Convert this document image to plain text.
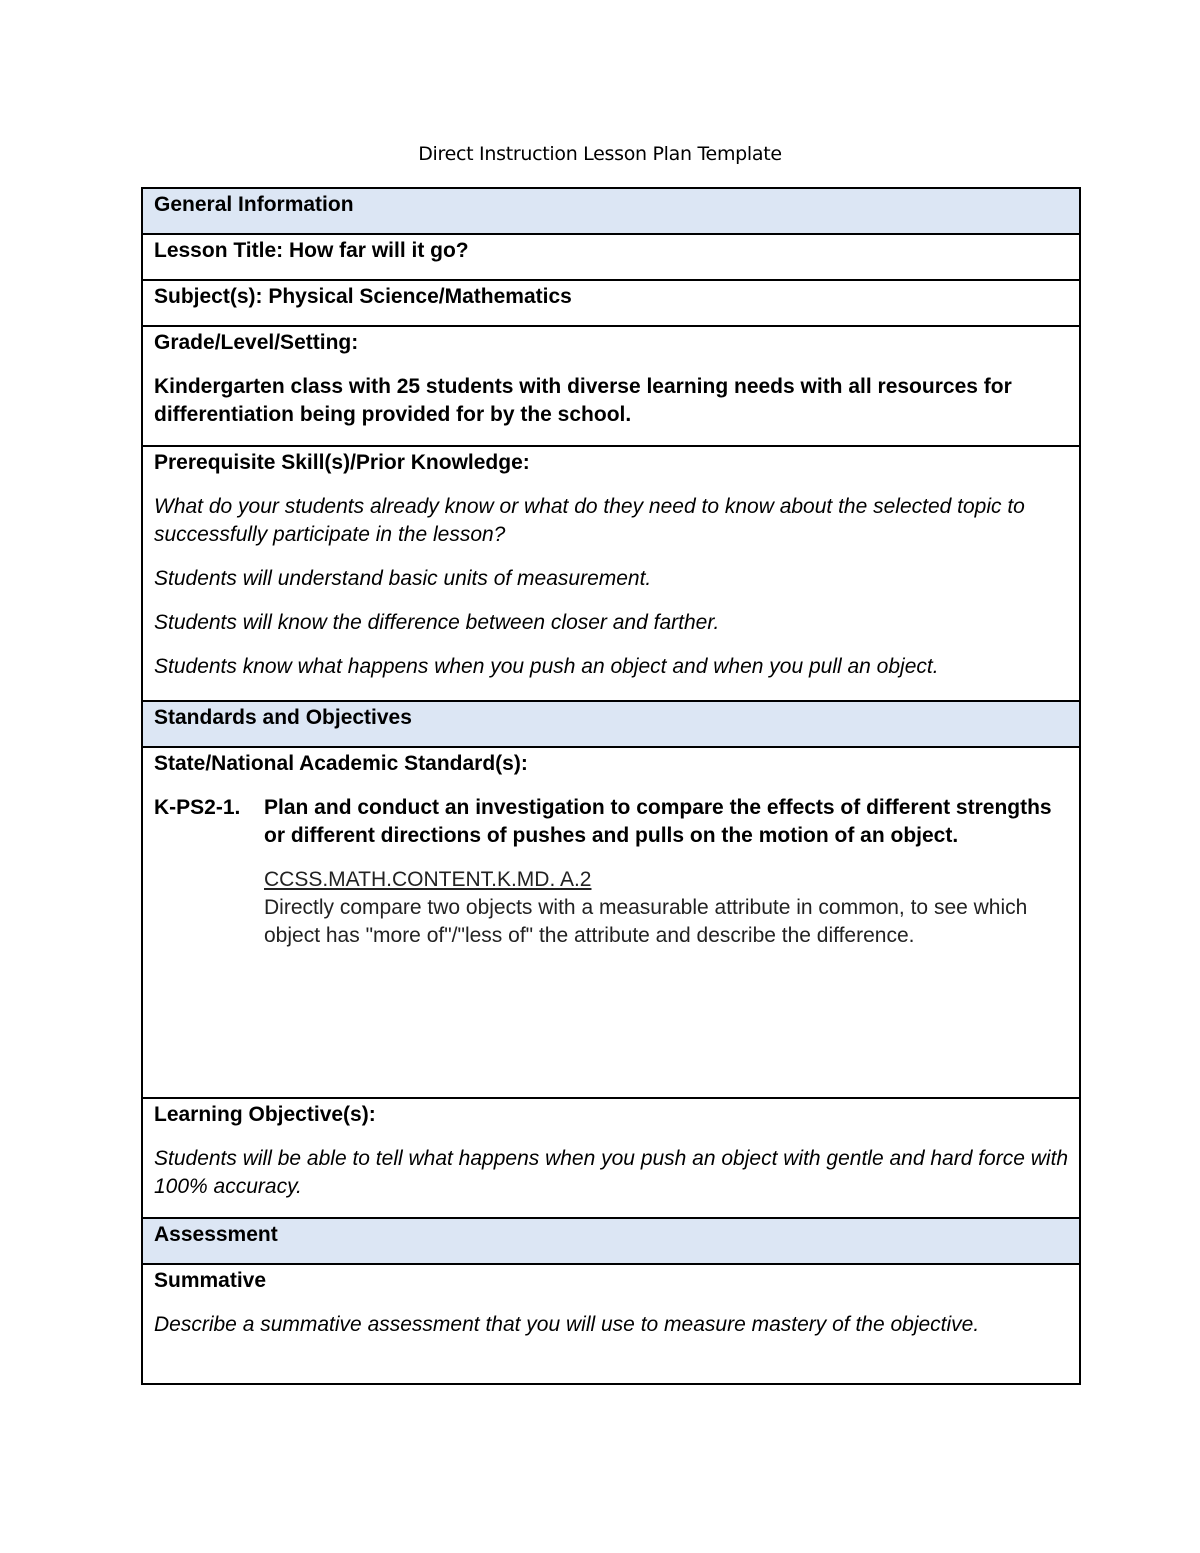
Direct Instruction Lesson Plan Template
General Information
Lesson Title: How far will it go?
Subject(s): Physical Science/Mathematics
Grade/Level/Setting:
Kindergarten class with 25 students with diverse learning needs with all resources for differentiation being provided for by the school.
Prerequisite Skill(s)/Prior Knowledge:
What do your students already know or what do they need to know about the selected topic to successfully participate in the lesson?
Students will understand basic units of measurement.
Students will know the difference between closer and farther.
Students know what happens when you push an object and when you pull an object.
Standards and Objectives
State/National Academic Standard(s):
K-PS2-1.	Plan and conduct an investigation to compare the effects of different strengths or different directions of pushes and pulls on the motion of an object.
CCSS.MATH.CONTENT.K.MD. A.2
Directly compare two objects with a measurable attribute in common, to see which object has "more of"/"less of" the attribute and describe the difference.
Learning Objective(s):
Students will be able to tell what happens when you push an object with gentle and hard force with 100% accuracy.
Assessment
Summative
Describe a summative assessment that you will use to measure mastery of the objective.
